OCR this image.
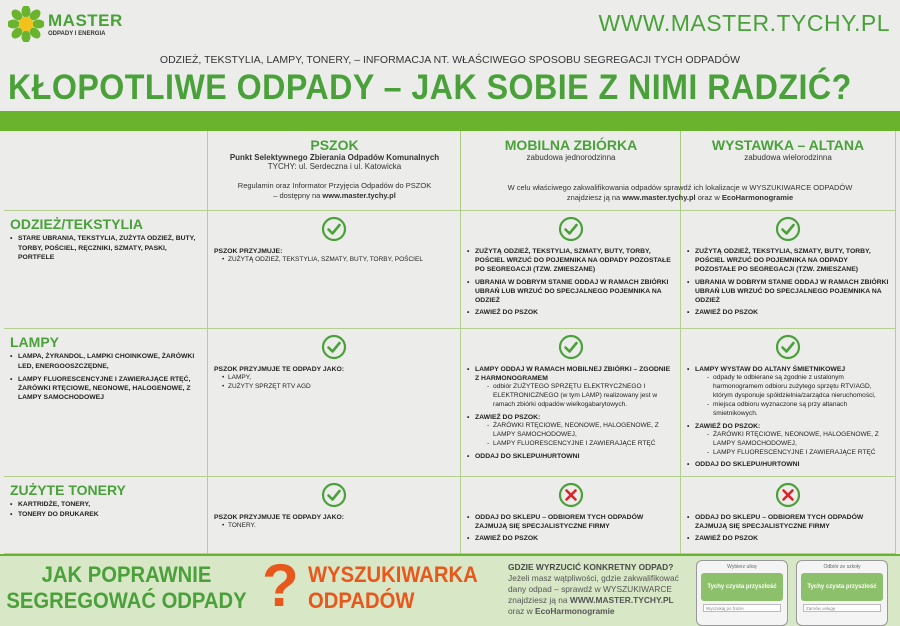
MASTER
ODPADY I ENERGIA	WWW.MASTER.TYCHY.PL
ODZIEŻ, TEKSTYLIA, LAMPY, TONERY, – INFORMACJA NT. WŁAŚCIWEGO SPOSOBU SEGREGACJI TYCH ODPADÓW
KŁOPOTLIWE ODPADY – JAK SOBIE Z NIMI RADZIĆ?
PSZOK
Punkt Selektywnego Zbierania Odpadów Komunalnych
TYCHY: ul. Serdeczna i ul. Katowicka
Regulamin oraz Informator Przyjęcia Odpadów do PSZOK
– dostępny na www.master.tychy.pl
MOBILNA ZBIÓRKA
zabudowa jednorodzinna
WYSTAWKA – ALTANA
zabudowa wielorodzinna
W celu właściwego zakwalifikowania odpadów sprawdź ich lokalizacje w WYSZUKIWARCE ODPADÓW
znajdziesz ją na www.master.tychy.pl oraz w EcoHarmonogramie
ODZIEŻ/TEKSTYLIA
• STARE UBRANIA, TEKSTYLIA, ZUŻYTA ODZIEŻ, BUTY, TORBY, POŚCIEL, RĘCZNIKI, SZMATY, PASKI, PORTFELE
PSZOK PRZYJMUJE:
• ZUŻYTĄ ODZIEŻ, TEKSTYLIA, SZMATY, BUTY, TORBY, POŚCIEL
• ZUŻYTĄ ODZIEŻ, TEKSTYLIA, SZMATY, BUTY, TORBY, POŚCIEL WRZUĆ DO POJEMNIKA NA ODPADY POZOSTAŁE PO SEGREGACJI (TZW. ZMIESZANE)
• UBRANIA W DOBRYM STANIE ODDAJ W RAMACH ZBIÓRKI UBRAŃ LUB WRZUĆ DO SPECJALNEGO POJEMNIKA NA ODZIEŻ
• ZAWIEŹ DO PSZOK
• ZUŻYTĄ ODZIEŻ, TEKSTYLIA, SZMATY, BUTY, TORBY, POŚCIEL WRZUĆ DO POJEMNIKA NA ODPADY POZOSTAŁE PO SEGREGACJI (TZW. ZMIESZANE)
• UBRANIA W DOBRYM STANIE ODDAJ W RAMACH ZBIÓRKI UBRAŃ LUB WRZUĆ DO SPECJALNEGO POJEMNIKA NA ODZIEŻ
• ZAWIEŹ DO PSZOK
LAMPY
• LAMPA, ŻYRANDOL, LAMPKI CHOINKOWE, ŻARÓWKI LED, ENERGOOSZCZĘDNE,
• LAMPY FLUORESCENCYJNE I ZAWIERAJĄCE RTĘĆ, ŻARÓWKI RTĘCIOWE, NEONOWE, HALOGENOWE, Z LAMPY SAMOCHODOWEJ
PSZOK PRZYJMUJE TE ODPADY JAKO:
• LAMPY,
• ZUŻYTY SPRZĘT RTV AGD
• LAMPY ODDAJ W RAMACH MOBILNEJ ZBIÓRKI – ZGODNIE Z HARMONOGRAMEM
- odbiór ZUŻYTEGO SPRZĘTU ELEKTRYCZNEGO I ELEKTRONICZNEGO (w tym LAMP) realizowany jest w ramach zbiórki odpadów wielkogabarytowych.
• ZAWIEŹ DO PSZOK:
- ŻARÓWKI RTĘCIOWE, NEONOWE, HALOGENOWE, Z LAMPY SAMOCHODOWEJ,
- LAMPY FLUORESCENCYJNE I ZAWIERAJĄCE RTĘĆ
• ODDAJ DO SKLEPU/HURTOWNI
• LAMPY WYSTAW DO ALTANY ŚMIETNIKOWEJ
- odpady te odbierane są zgodnie z ustalonym harmonogramem odbioru zużytego sprzętu RTV/AGD, którym dysponuje spółdzielnia/zarządca nieruchomości,
- miejsca odbioru wyznaczone są przy altanach śmietnikowych.
• ZAWIEŹ DO PSZOK:
- ŻARÓWKI RTĘCIOWE, NEONOWE, HALOGENOWE, Z LAMPY SAMOCHODOWEJ,
- LAMPY FLUORESCENCYJNE I ZAWIERAJĄCE RTĘĆ
• ODDAJ DO SKLEPU/HURTOWNI
ZUŻYTE TONERY
• KARTRIDŻE, TONERY,
• TONERY DO DRUKAREK	PSZOK PRZYJMUJE TE ODPADY JAKO:
• TONERY.
• ODDAJ DO SKLEPU – ODBIOREM TYCH ODPADÓW ZAJMUJĄ SIĘ SPECJALISTYCZNE FIRMY
• ZAWIEŹ DO PSZOK
• ODDAJ DO SKLEPU – ODBIOREM TYCH ODPADÓW ZAJMUJĄ SIĘ SPECJALISTYCZNE FIRMY
• ZAWIEŹ DO PSZOK
JAK POPRAWNIE
SEGREGOWAĆ ODPADY ? WYSZUKIWARKA
ODPADÓW
GDZIE WYRZUCIĆ KONKRETNY ODPAD?
Jeżeli masz wątpliwości, gdzie zakwalifikować dany odpad – sprawdź w WYSZUKIWARCE znajdziesz ją na WWW.MASTER.TYCHY.PL oraz w EcoHarmonogramie
Wybierz ulicę
Tychy czysta przyszłość
Wyszukaj po frazie
Odbiór ze szkoły
Tychy czysta przyszłość
Zamów usługę
